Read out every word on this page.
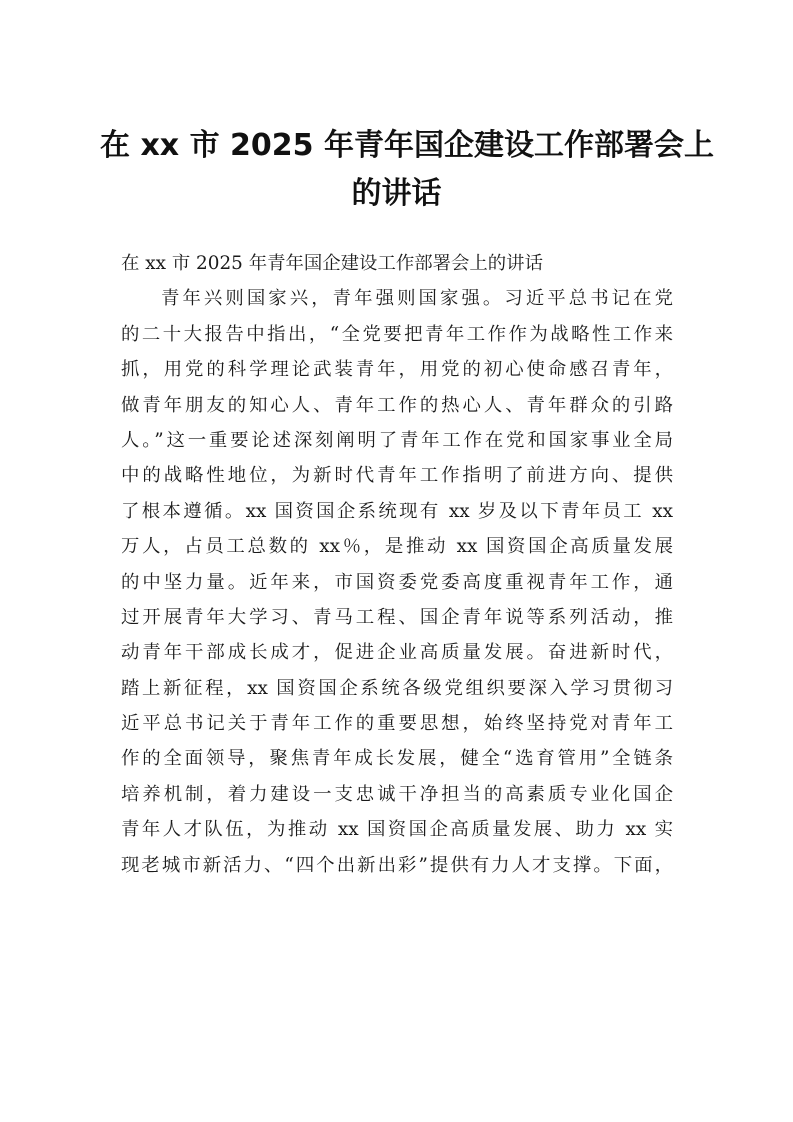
在 xx 市 2025 年青年国企建设工作部署会上
的讲话
在 xx 市 2025 年青年国企建设工作部署会上的讲话
青年兴则国家兴，青年强则国家强。习近平总书记在党
的二十大报告中指出，“全党要把青年工作作为战略性工作来
抓，用党的科学理论武装青年，用党的初心使命感召青年，
做青年朋友的知心人、青年工作的热心人、青年群众的引路
人。”这一重要论述深刻阐明了青年工作在党和国家事业全局
中的战略性地位，为新时代青年工作指明了前进方向、提供
了根本遵循。xx 国资国企系统现有 xx 岁及以下青年员工 xx
万人，占员工总数的 xx％，是推动 xx 国资国企高质量发展
的中坚力量。近年来，市国资委党委高度重视青年工作，通
过开展青年大学习、青马工程、国企青年说等系列活动，推
动青年干部成长成才，促进企业高质量发展。奋进新时代，
踏上新征程，xx 国资国企系统各级党组织要深入学习贯彻习
近平总书记关于青年工作的重要思想，始终坚持党对青年工
作的全面领导，聚焦青年成长发展，健全“选育管用”全链条
培养机制，着力建设一支忠诚干净担当的高素质专业化国企
青年人才队伍，为推动 xx 国资国企高质量发展、助力 xx 实
现老城市新活力、“四个出新出彩”提供有力人才支撑。下面，
